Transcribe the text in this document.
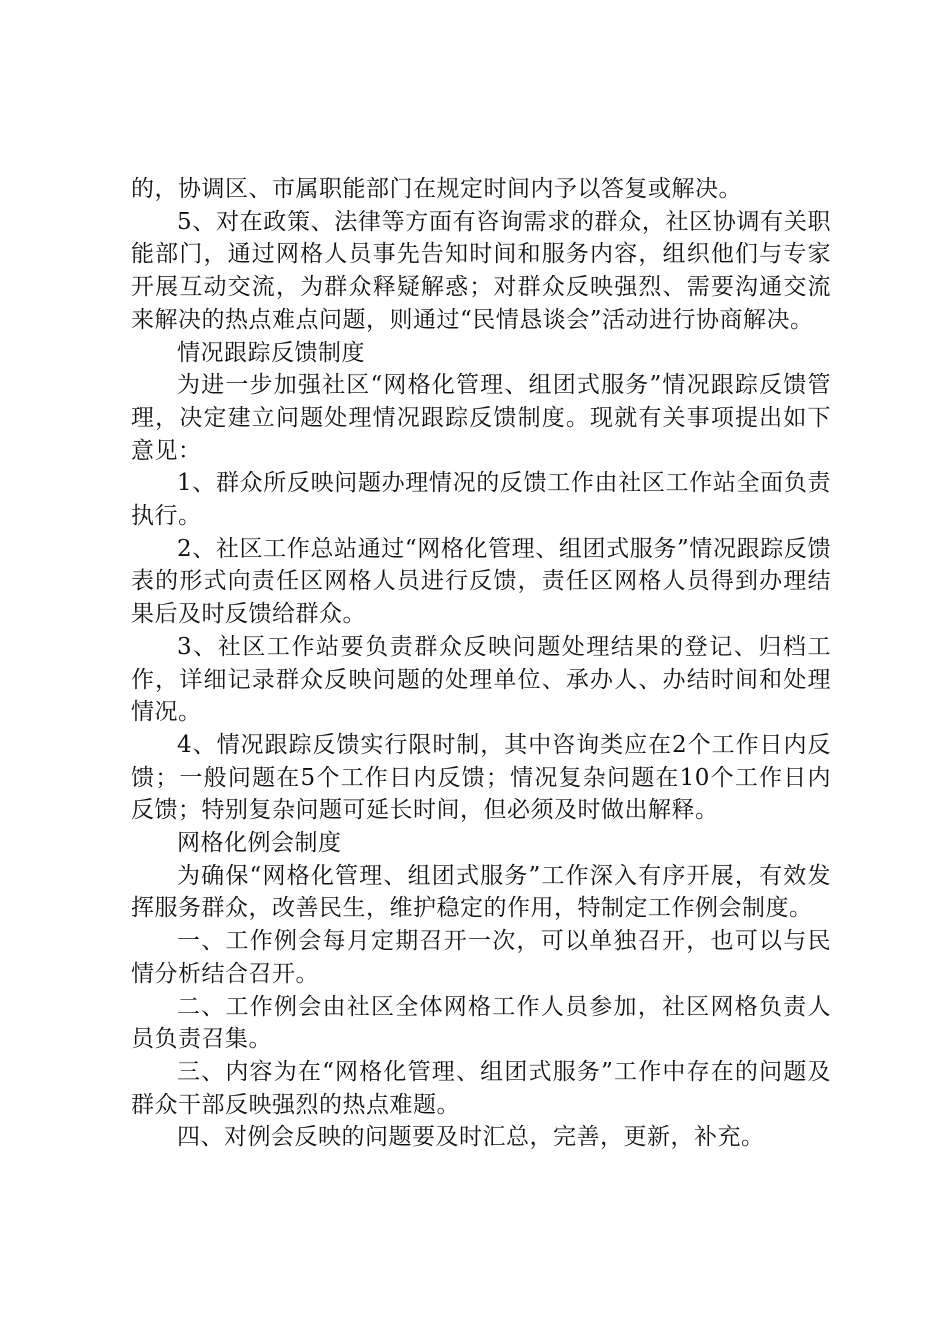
的，协调区、市属职能部门在规定时间内予以答复或解决。

5、对在政策、法律等方面有咨询需求的群众，社区协调有关职能部门，通过网格人员事先告知时间和服务内容，组织他们与专家开展互动交流，为群众释疑解惑；对群众反映强烈、需要沟通交流来解决的热点难点问题，则通过“民情恳谈会”活动进行协商解决。

情况跟踪反馈制度

为进一步加强社区“网格化管理、组团式服务”情况跟踪反馈管理，决定建立问题处理情况跟踪反馈制度。现就有关事项提出如下意见：

1、群众所反映问题办理情况的反馈工作由社区工作站全面负责执行。

2、社区工作总站通过“网格化管理、组团式服务”情况跟踪反馈表的形式向责任区网格人员进行反馈，责任区网格人员得到办理结果后及时反馈给群众。

3、社区工作站要负责群众反映问题处理结果的登记、归档工作，详细记录群众反映问题的处理单位、承办人、办结时间和处理情况。

4、情况跟踪反馈实行限时制，其中咨询类应在2个工作日内反馈；一般问题在5个工作日内反馈；情况复杂问题在10个工作日内反馈；特别复杂问题可延长时间，但必须及时做出解释。

网格化例会制度

为确保“网格化管理、组团式服务”工作深入有序开展，有效发挥服务群众，改善民生，维护稳定的作用，特制定工作例会制度。

一、工作例会每月定期召开一次，可以单独召开，也可以与民情分析结合召开。

二、工作例会由社区全体网格工作人员参加，社区网格负责人员负责召集。

三、内容为在“网格化管理、组团式服务”工作中存在的问题及群众干部反映强烈的热点难题。

四、对例会反映的问题要及时汇总，完善，更新，补充。
